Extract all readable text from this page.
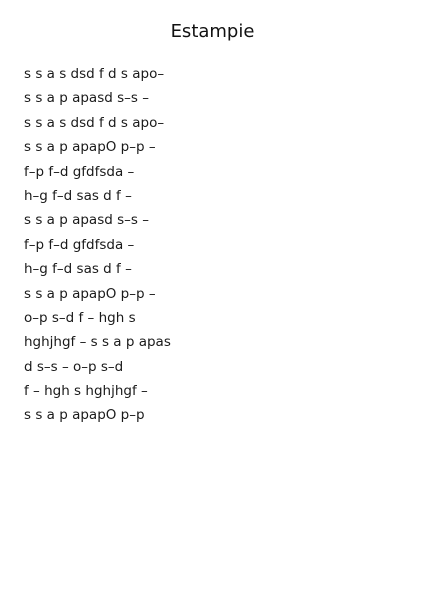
Estampie
s s a s dsd f d s apo–
s s a p apasd s–s –
s s a s dsd f d s apo–
s s a p apapO p–p –
f–p f–d gfdfsda –
h–g f–d sas d f –
s s a p apasd s–s –
f–p f–d gfdfsda –
h–g f–d sas d f –
s s a p apapO p–p –
o–p s–d f – hgh s
hghjhgf – s s a p apas
d s–s – o–p s–d
f – hgh s hghjhgf –
s s a p apapO p–p
